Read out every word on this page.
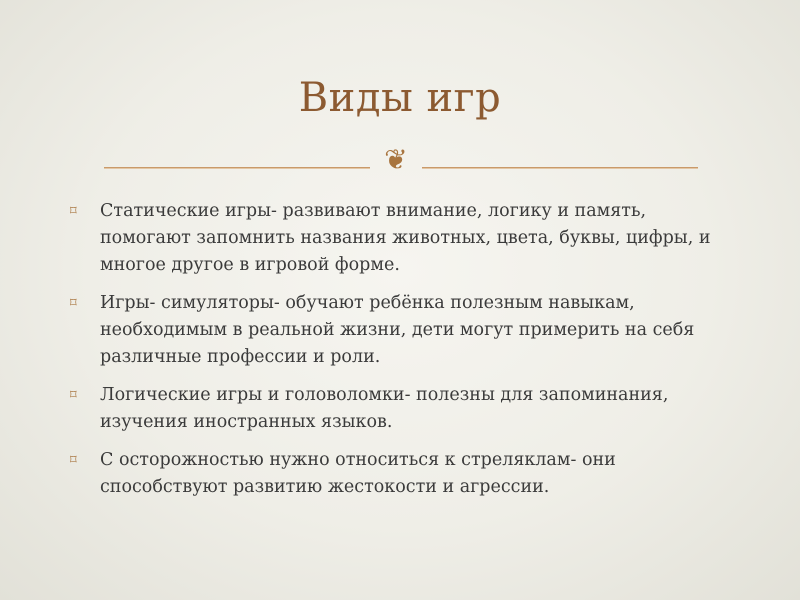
Виды игр
❦
⌑ Статические игры- развивают внимание, логику и память, помогают запомнить названия животных, цвета, буквы, цифры, и многое другое в игровой форме.
⌑ Игры- симуляторы- обучают ребёнка полезным навыкам, необходимым в реальной жизни, дети могут примерить на себя различные профессии и роли.
⌑ Логические игры и головоломки- полезны для запоминания, изучения иностранных языков.
⌑ С осторожностью нужно относиться к стреляклам- они способствуют развитию жестокости и агрессии.
